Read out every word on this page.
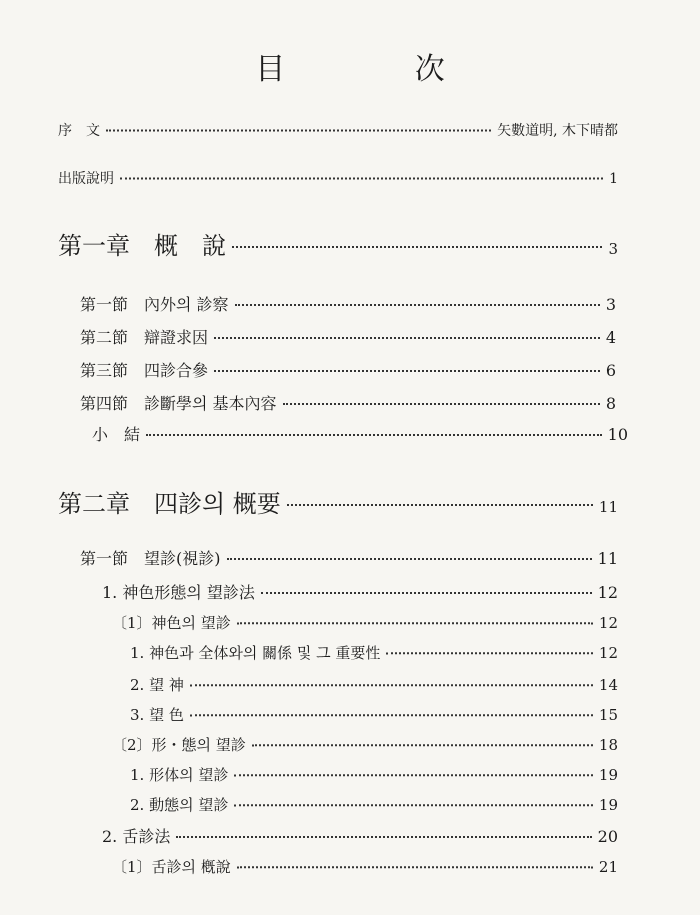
目 次
序　文	矢數道明, 木下晴都
出版說明	1
第一章　概　說	3
第一節　內外의 診察	3
第二節　辯證求因	4
第三節　四診合參	6
第四節　診斷學의 基本內容	8
小　結	10
第二章　四診의 概要	11
第一節　望診(視診)	11
1. 神色形態의 望診法	12
〔1〕神色의 望診	12
1. 神色과 全体와의 關係 및 그 重要性	12
2. 望 神	14
3. 望 色	15
〔2〕形・態의 望診	18
1. 形体의 望診	19
2. 動態의 望診	19
2. 舌診法	20
〔1〕舌診의 槪說	21
